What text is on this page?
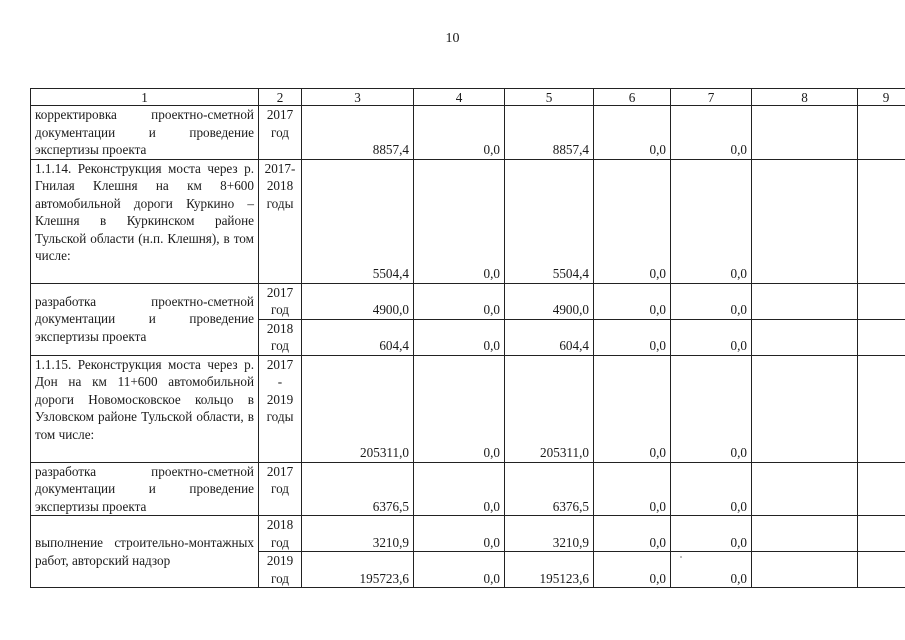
10
1	2	3	4	5	6	7	8	9
корректировка проектно-сметной документации и проведение экспертизы проекта	2017 год	8857,4	0,0	8857,4	0,0	0,0		
1.1.14. Реконструкция моста через р. Гнилая Клешня на км 8+600 автомобильной дороги Куркино – Клешня в Куркинском районе Тульской области (н.п. Клешня), в том числе:	2017-2018 годы	5504,4	0,0	5504,4	0,0	0,0		
разработка проектно-сметной документации и проведение экспертизы проекта	2017 год	4900,0	0,0	4900,0	0,0	0,0		
	2018 год	604,4	0,0	604,4	0,0	0,0		
1.1.15. Реконструкция моста через р. Дон на км 11+600 автомобильной дороги Новомосковское кольцо в Узловском районе Тульской области, в том числе:	2017 - 2019 годы	205311,0	0,0	205311,0	0,0	0,0		
разработка проектно-сметной документации и проведение экспертизы проекта	2017 год	6376,5	0,0	6376,5	0,0	0,0		
выполнение строительно-монтажных работ, авторский надзор	2018 год	3210,9	0,0	3210,9	0,0	0,0		
	2019 год	195723,6	0,0	195123,6	0,0	0,0		
